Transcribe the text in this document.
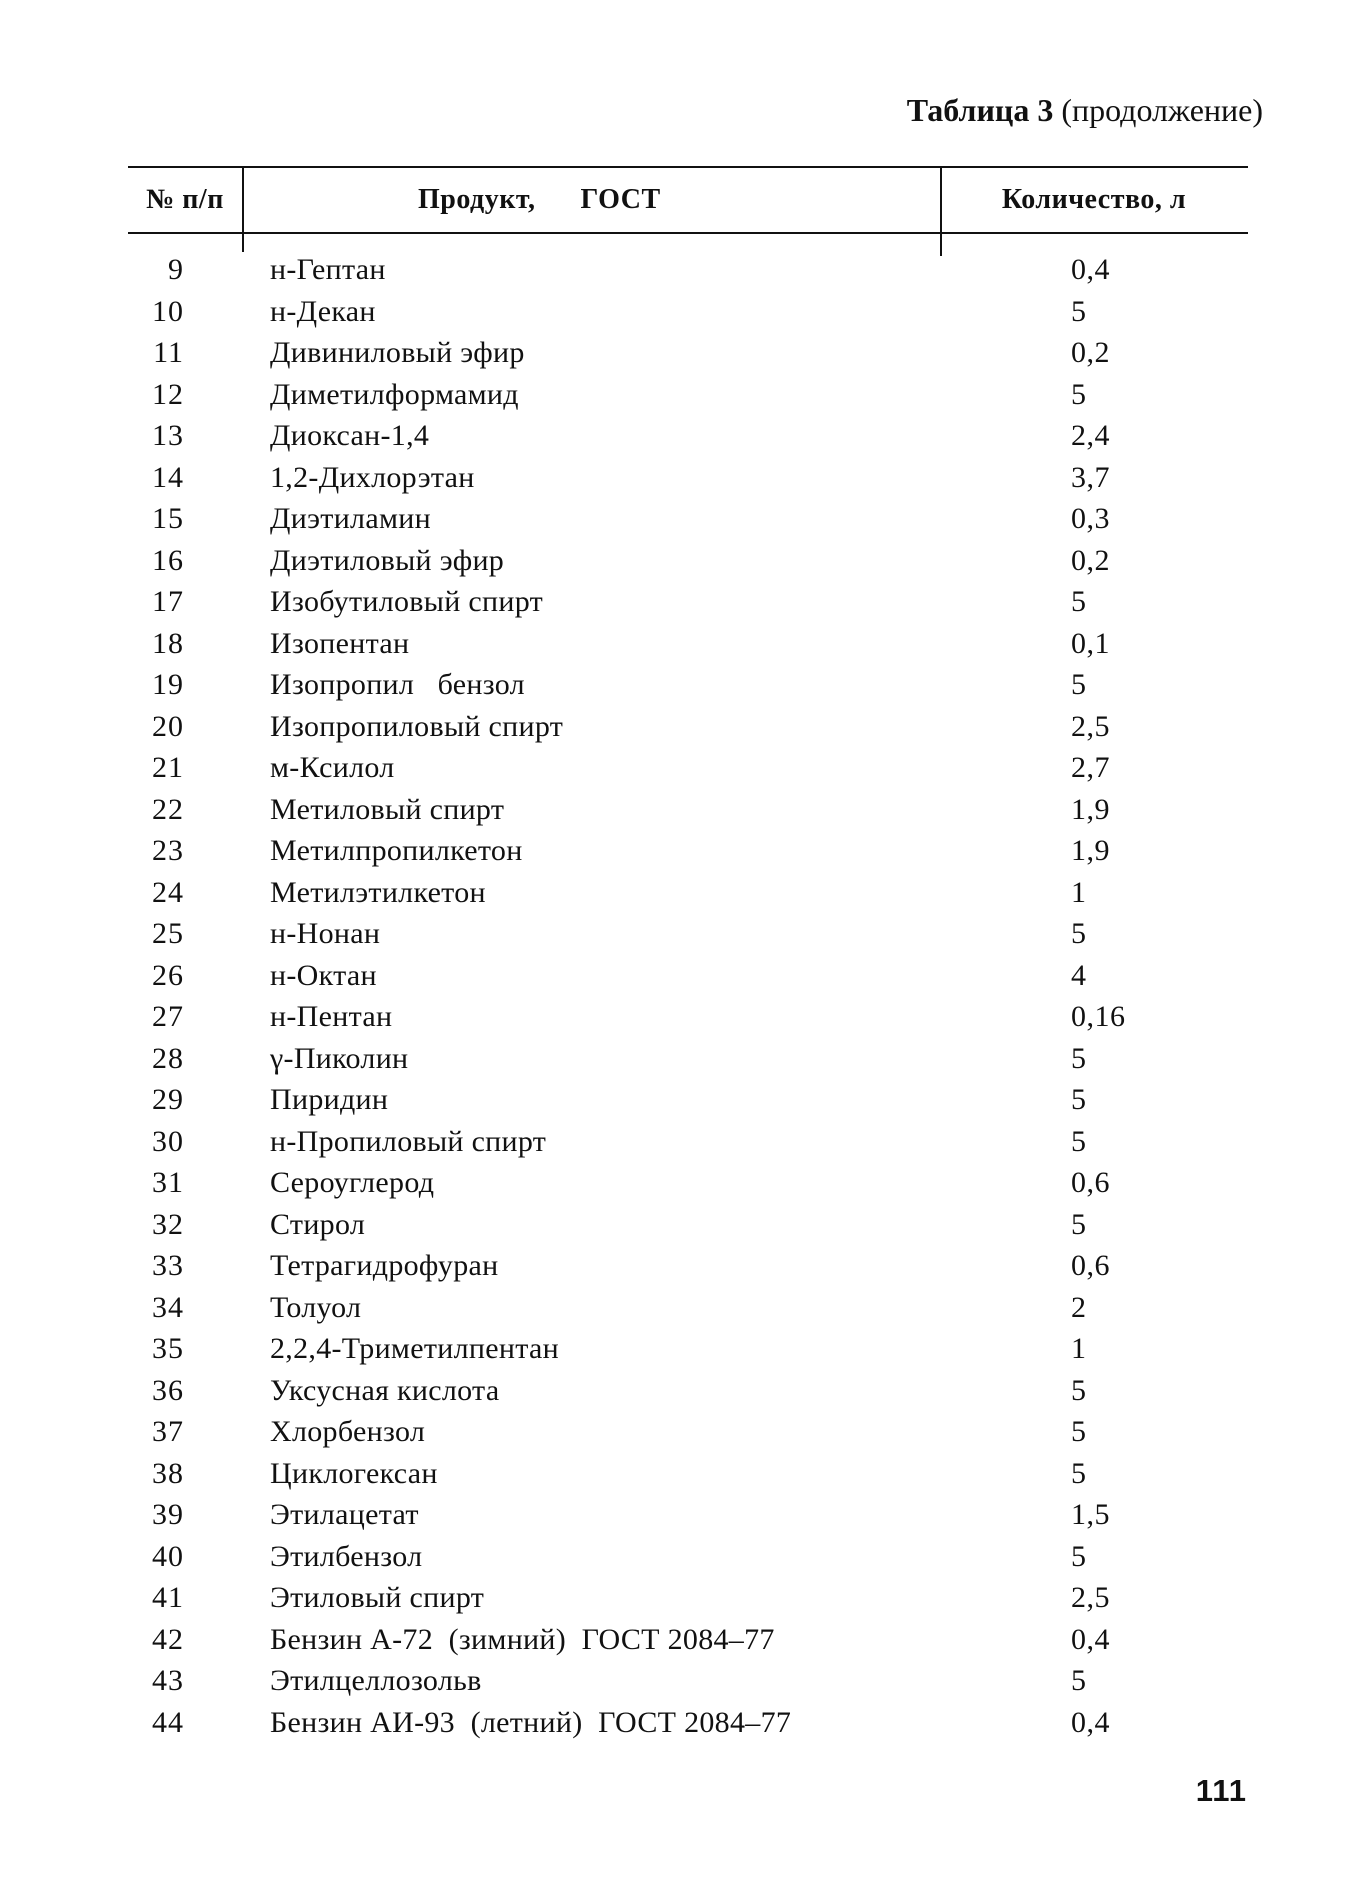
Таблица 3 (продолжение)
№ п/п	Продукт,      ГОСТ	Количество, л
9	н-Гептан	0,4
10	н-Декан	5
11	Дивиниловый эфир	0,2
12	Диметилформамид	5
13	Диоксан-1,4	2,4
14	1,2-Дихлорэтан	3,7
15	Диэтиламин	0,3
16	Диэтиловый эфир	0,2
17	Изобутиловый спирт	5
18	Изопентан	0,1
19	Изопропил   бензол	5
20	Изопропиловый спирт	2,5
21	м-Ксилол	2,7
22	Метиловый спирт	1,9
23	Метилпропилкетон	1,9
24	Метилэтилкетон	1
25	н-Нонан	5
26	н-Октан	4
27	н-Пентан	0,16
28	γ-Пиколин	5
29	Пиридин	5
30	н-Пропиловый спирт	5
31	Сероуглерод	0,6
32	Стирол	5
33	Тетрагидрофуран	0,6
34	Толуол	2
35	2,2,4-Триметилпентан	1
36	Уксусная кислота	5
37	Хлорбензол	5
38	Циклогексан	5
39	Этилацетат	1,5
40	Этилбензол	5
41	Этиловый спирт	2,5
42	Бензин А-72  (зимний)  ГОСТ 2084–77	0,4
43	Этилцеллозольв	5
44	Бензин АИ-93  (летний)  ГОСТ 2084–77	0,4
111
